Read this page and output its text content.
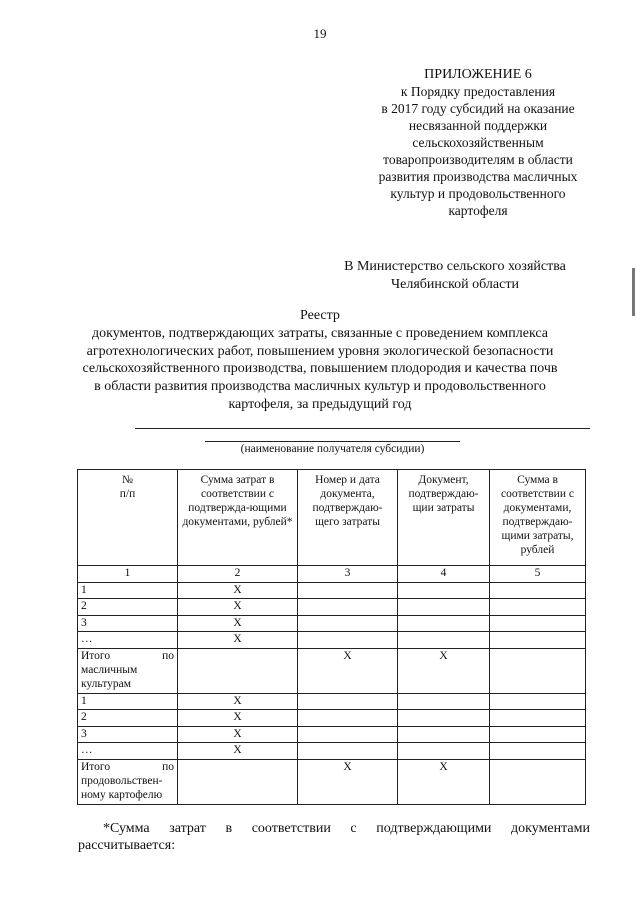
19
ПРИЛОЖЕНИЕ 6
к Порядку предоставления
в 2017 году субсидий на оказание
несвязанной поддержки
сельскохозяйственным
товаропроизводителям в области
развития производства масличных
культур и продовольственного
картофеля
В Министерство сельского хозяйства
Челябинской области
Реестр
документов, подтверждающих затраты, связанные с проведением комплекса
агротехнологических работ, повышением уровня экологической безопасности
сельскохозяйственного производства, повышением плодородия и качества почв
в области развития производства масличных культур и продовольственного
картофеля, за предыдущий год
(наименование получателя субсидии)
№
п/п	Сумма затрат в соответствии с подтвержда-ющими документами, рублей*	Номер и дата документа, подтверждаю-щего затраты	Документ, подтверждаю-щии затраты	Сумма в соответствии с документами, подтверждаю-щими затраты, рублей
1	2	3	4	5
1	X			
2	X			
3	X			
…	X			
Итого по масличным культурам		X	X	
1	X			
2	X			
3	X			
…	X			
Итого по продовольствен-ному картофелю		X	X	
*Сумма затрат в соответствии с подтверждающими документами
рассчитывается:
